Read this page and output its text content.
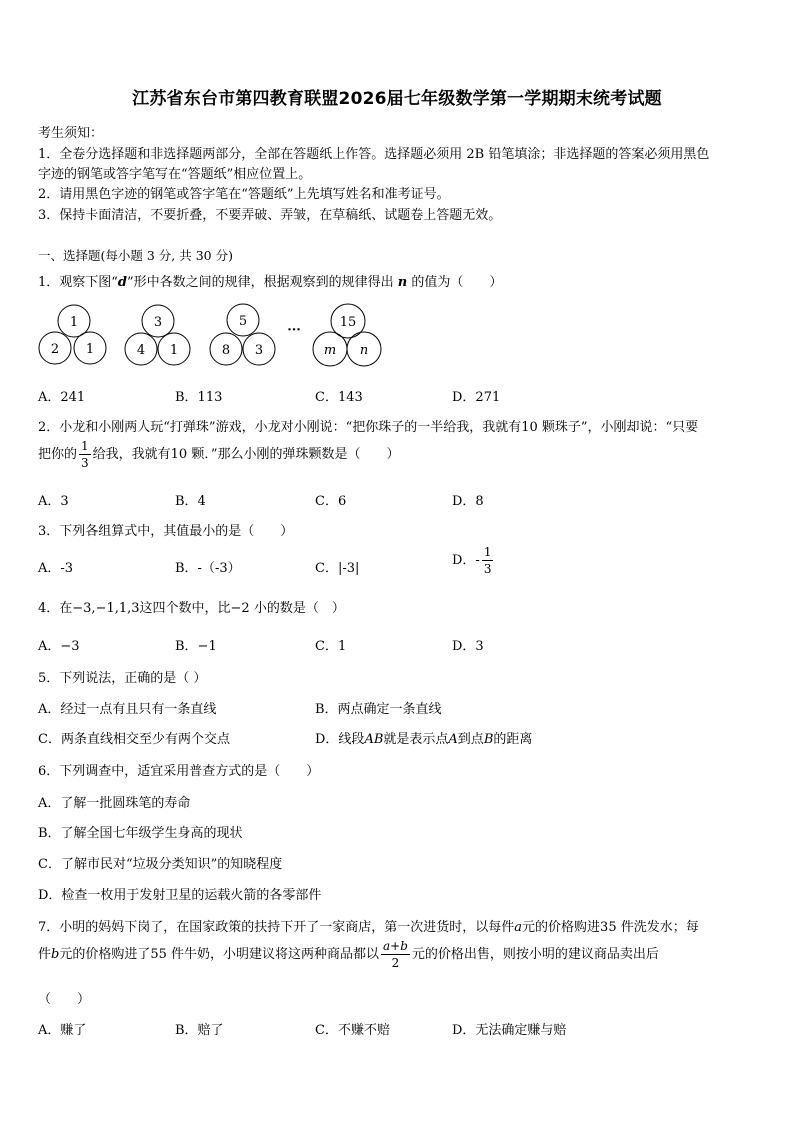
江苏省东台市第四教育联盟2026届七年级数学第一学期期末统考试题
考生须知：
1．全卷分选择题和非选择题两部分，全部在答题纸上作答。选择题必须用 2B 铅笔填涂；非选择题的答案必须用黑色
字迹的钢笔或答字笔写在“答题纸”相应位置上。
2．请用黑色字迹的钢笔或答字笔在“答题纸”上先填写姓名和准考证号。
3．保持卡面清洁，不要折叠，不要弄破、弄皱，在草稿纸、试题卷上答题无效。
一、选择题(每小题 3 分, 共 30 分)
1．观察下图“d”形中各数之间的规律，根据观察到的规律得出 n 的值为（　　）
1
2 1
3
4 1
5
8 3
···
15
m n
A．241	B．113	C．143	D．271
2．小龙和小刚两人玩“打弹珠”游戏，小龙对小刚说：“把你珠子的一半给我，我就有10 颗珠子”，小刚却说：“只要
把你的 $\frac{1}{3}$ 给我，我就有10 颗．”那么小刚的弹珠颗数是（　　）
A．3	B．4	C．6	D．8
3．下列各组算式中，其值最小的是（　　）
A．-3	B．-（-3）	C．|-3|
D．- $\frac{1}{3}$
4．在−3,−1,1,3这四个数中，比−2 小的数是（　）
A．−3	B．−1	C．1	D．3
5．下列说法，正确的是（ ）
A．经过一点有且只有一条直线	B．两点确定一条直线
C．两条直线相交至少有两个交点	D．线段AB就是表示点A到点B的距离
6．下列调查中，适宜采用普查方式的是（　　）
A．了解一批圆珠笔的寿命
B．了解全国七年级学生身高的现状
C．了解市民对“垃圾分类知识”的知晓程度
D．检查一枚用于发射卫星的运载火箭的各零部件
7．小明的妈妈下岗了，在国家政策的扶持下开了一家商店，第一次进货时，以每件a元的价格购进35 件洗发水；每
件b元的价格购进了55 件牛奶，小明建议将这两种商品都以 $\frac{a+b}{2}$ 元的价格出售，则按小明的建议商品卖出后
（　　）
A．赚了	B．赔了	C．不赚不赔	D．无法确定赚与赔
